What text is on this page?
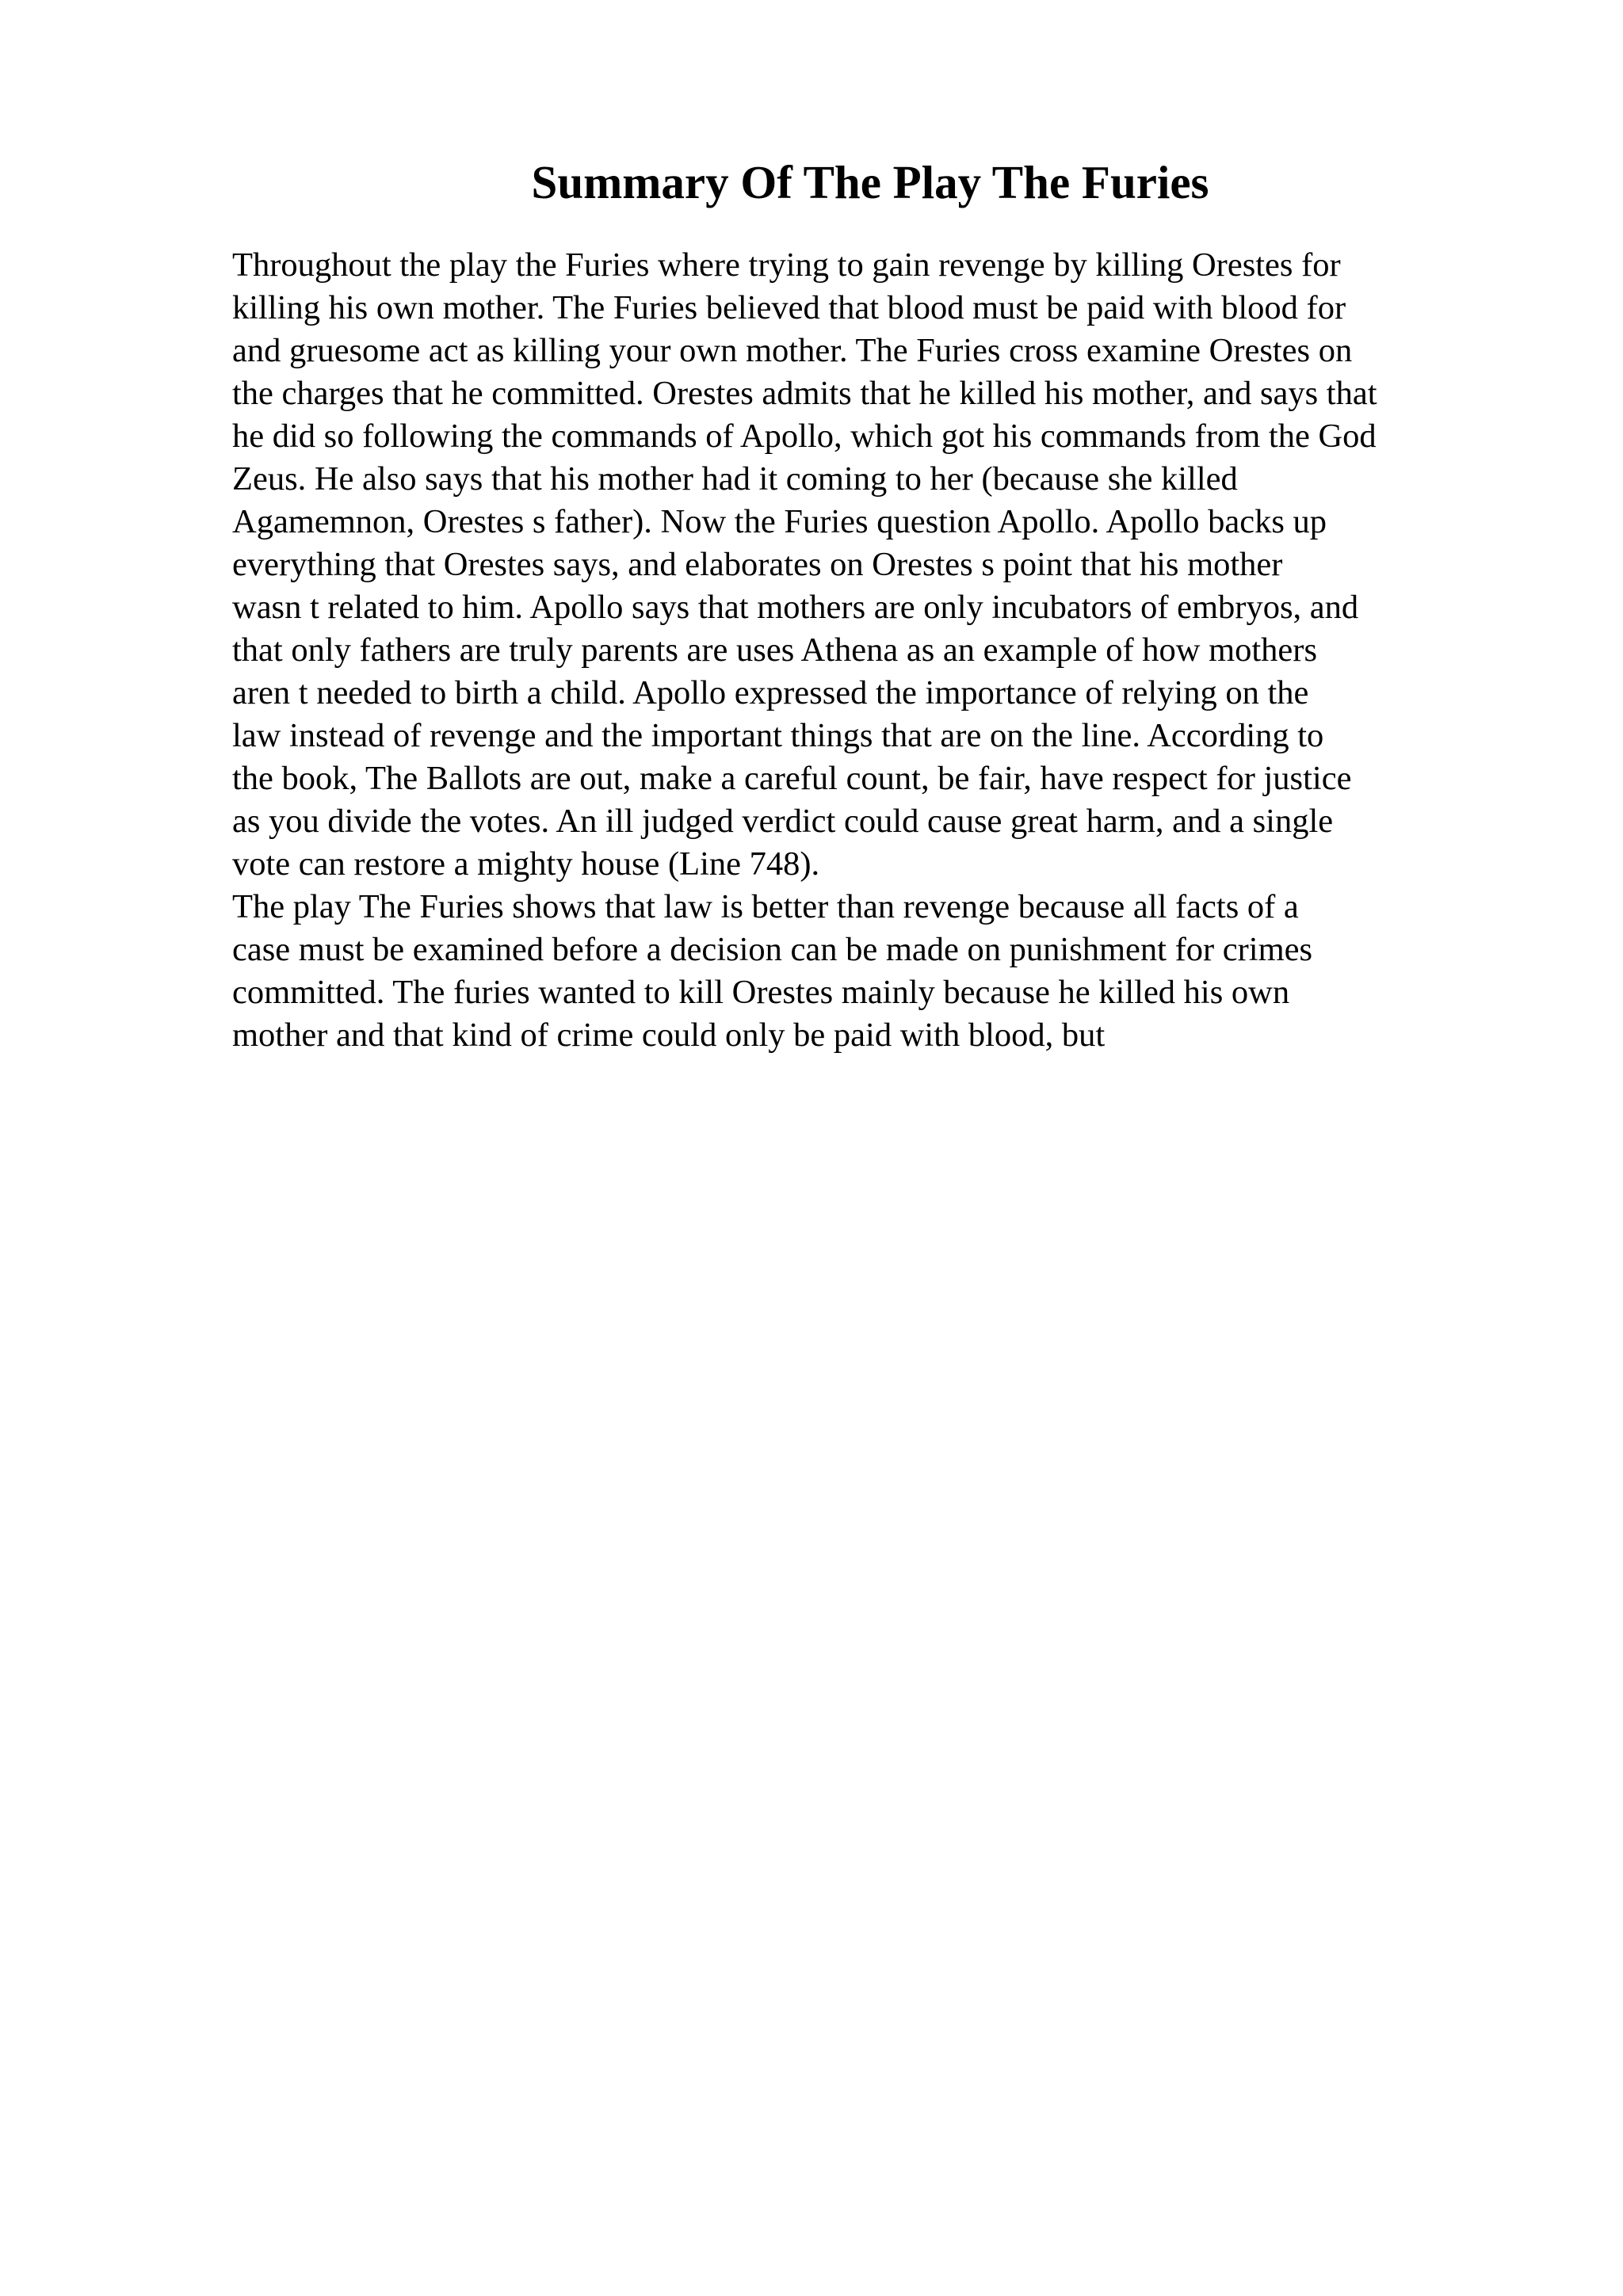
Summary Of The Play The Furies
Throughout the play the Furies where trying to gain revenge by killing Orestes for
killing his own mother. The Furies believed that blood must be paid with blood for
and gruesome act as killing your own mother. The Furies cross examine Orestes on
the charges that he committed. Orestes admits that he killed his mother, and says that
he did so following the commands of Apollo, which got his commands from the God
Zeus. He also says that his mother had it coming to her (because she killed
Agamemnon, Orestes s father). Now the Furies question Apollo. Apollo backs up
everything that Orestes says, and elaborates on Orestes s point that his mother
wasn t related to him. Apollo says that mothers are only incubators of embryos, and
that only fathers are truly parents are uses Athena as an example of how mothers
aren t needed to birth a child. Apollo expressed the importance of relying on the
law instead of revenge and the important things that are on the line. According to
the book, The Ballots are out, make a careful count, be fair, have respect for justice
as you divide the votes. An ill judged verdict could cause great harm, and a single
vote can restore a mighty house (Line 748).
The play The Furies shows that law is better than revenge because all facts of a
case must be examined before a decision can be made on punishment for crimes
committed. The furies wanted to kill Orestes mainly because he killed his own
mother and that kind of crime could only be paid with blood, but
